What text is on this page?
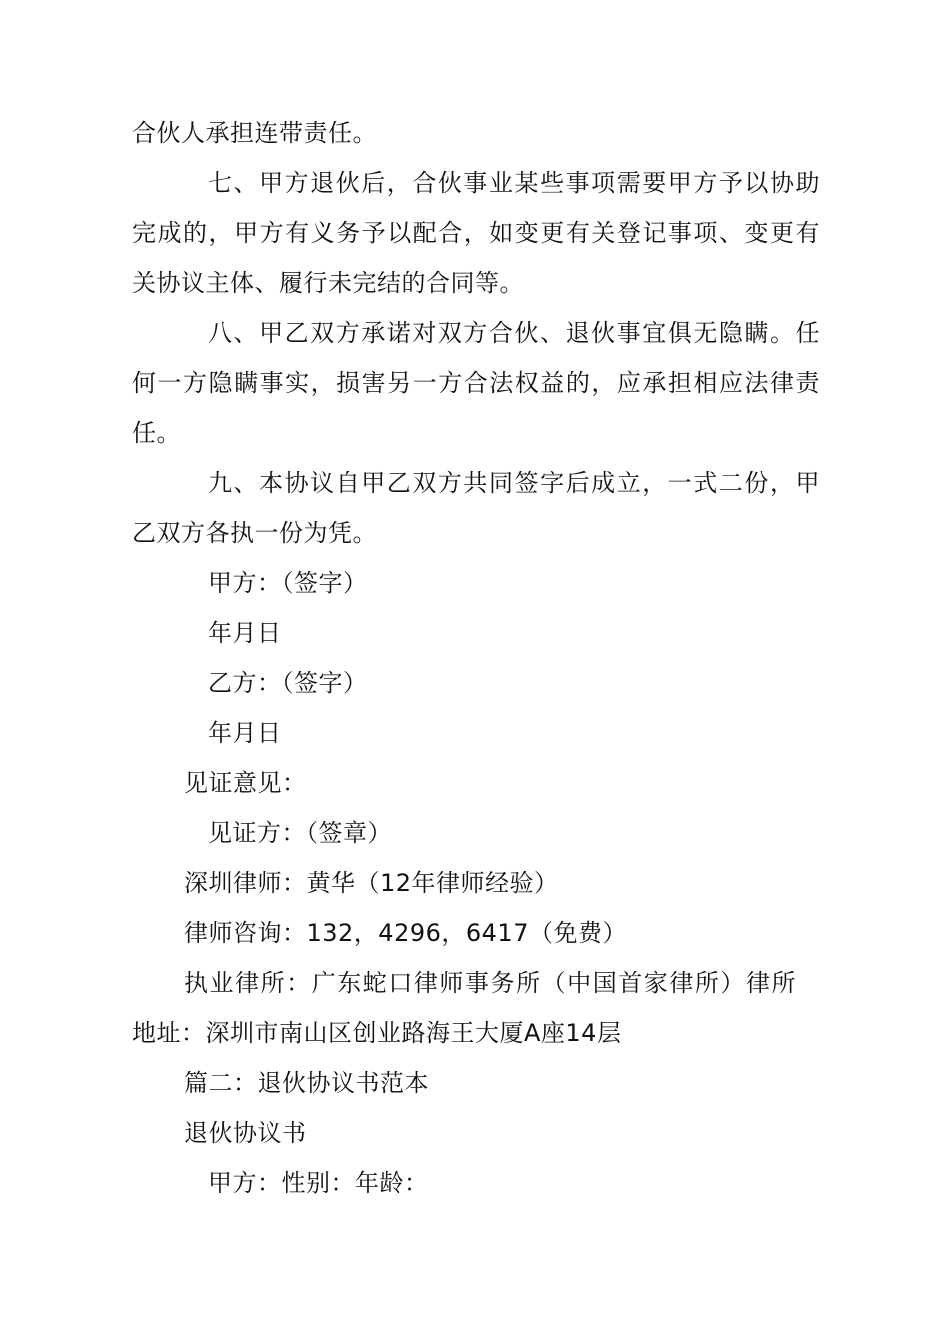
合伙人承担连带责任。
七、甲方退伙后，合伙事业某些事项需要甲方予以协助
完成的，甲方有义务予以配合，如变更有关登记事项、变更有
关协议主体、履行未完结的合同等。
八、甲乙双方承诺对双方合伙、退伙事宜俱无隐瞒。任
何一方隐瞒事实，损害另一方合法权益的，应承担相应法律责
任。
九、本协议自甲乙双方共同签字后成立，一式二份，甲
乙双方各执一份为凭。
甲方：（签字）
年月日
乙方：（签字）
年月日
见证意见：
见证方：（签章）
深圳律师：黄华（12年律师经验）
律师咨询：132，4296，6417（免费）
执业律所：广东蛇口律师事务所（中国首家律所）律所
地址：深圳市南山区创业路海王大厦A座14层
篇二：退伙协议书范本
退伙协议书
甲方：性别：年龄：
